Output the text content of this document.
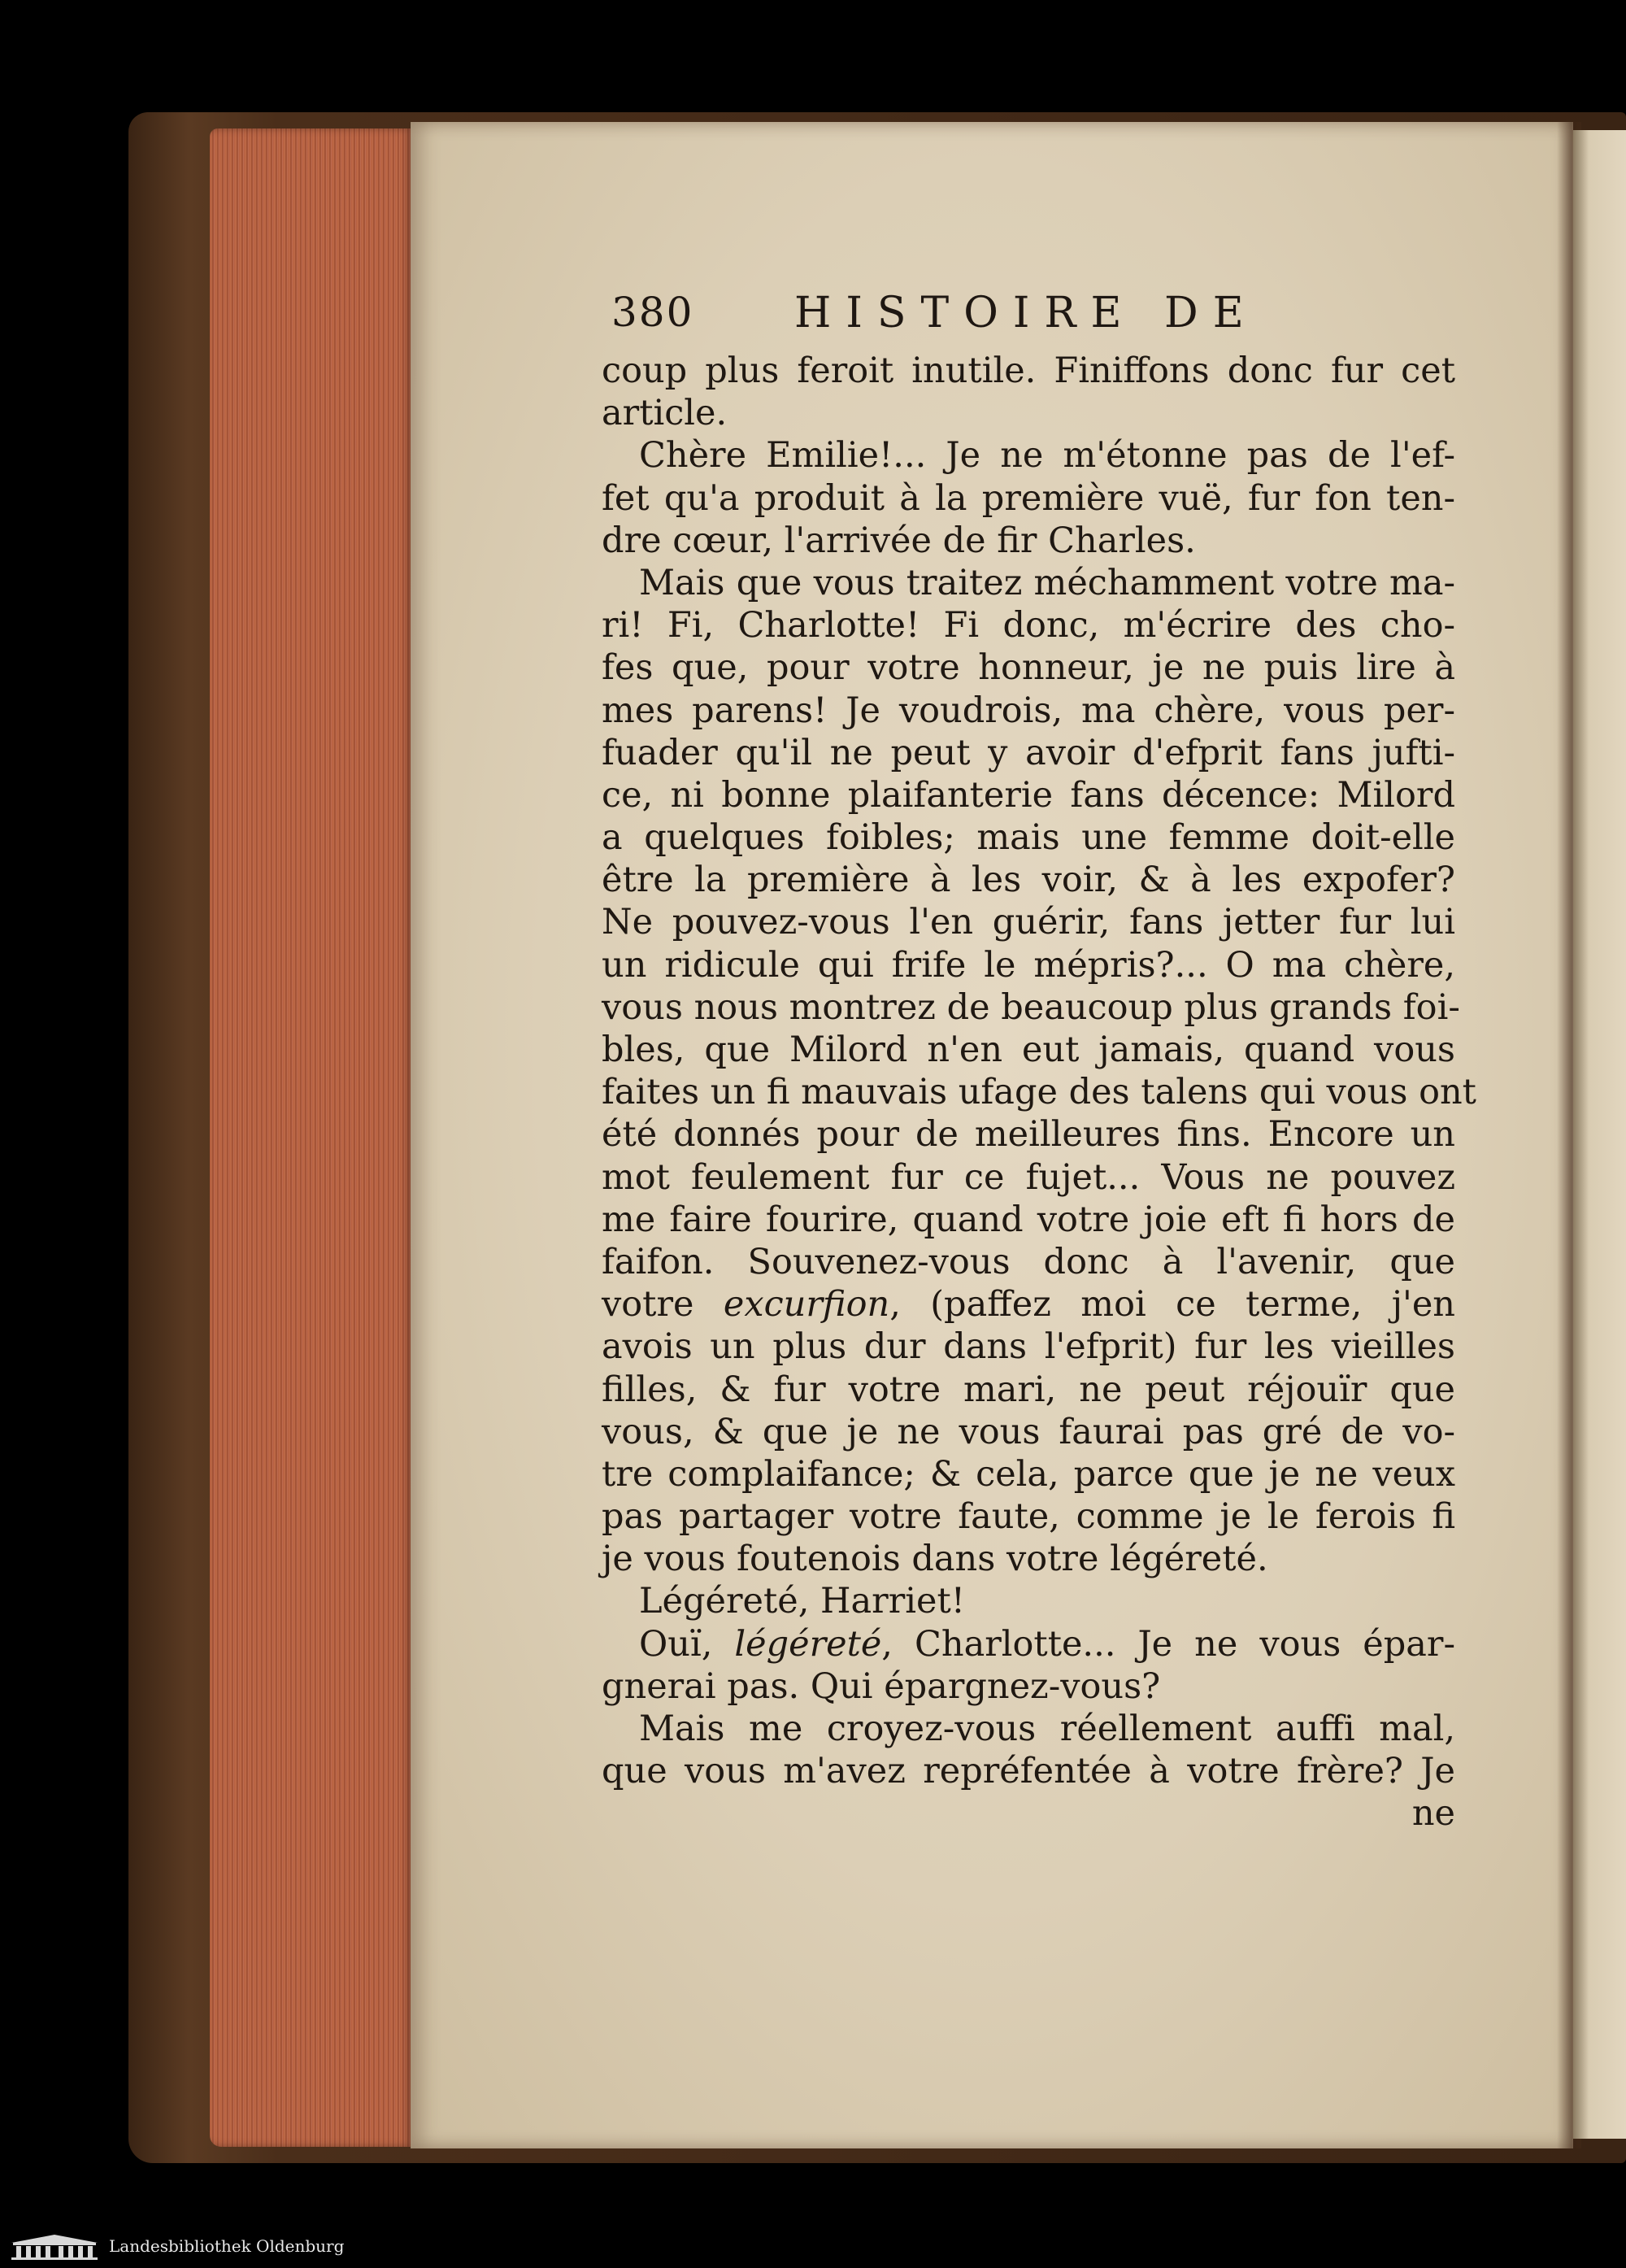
380 HISTOIRE DE
coup plus feroit inutile. Finiffons donc fur cet
article.
Chère Emilie!... Je ne m'étonne pas de l'ef-
fet qu'a produit à la première vuë, fur fon ten-
dre cœur, l'arrivée de fir Charles.
Mais que vous traitez méchamment votre ma-
ri! Fi, Charlotte! Fi donc, m'écrire des cho-
fes que, pour votre honneur, je ne puis lire à
mes parens! Je voudrois, ma chère, vous per-
fuader qu'il ne peut y avoir d'efprit fans jufti-
ce, ni bonne plaifanterie fans décence: Milord
a quelques foibles; mais une femme doit-elle
être la première à les voir, & à les expofer?
Ne pouvez-vous l'en guérir, fans jetter fur lui
un ridicule qui frife le mépris?... O ma chère,
vous nous montrez de beaucoup plus grands foi-
bles, que Milord n'en eut jamais, quand vous
faites un fi mauvais ufage des talens qui vous ont
été donnés pour de meilleures fins. Encore un
mot feulement fur ce fujet... Vous ne pouvez
me faire fourire, quand votre joie eft fi hors de
faifon. Souvenez-vous donc à l'avenir, que
votre excurfion, (paffez moi ce terme, j'en
avois un plus dur dans l'efprit) fur les vieilles
filles, & fur votre mari, ne peut réjouïr que
vous, & que je ne vous faurai pas gré de vo-
tre complaifance; & cela, parce que je ne veux
pas partager votre faute, comme je le ferois fi
je vous foutenois dans votre légéreté.
Légéreté, Harriet!
Ouï, légéreté, Charlotte... Je ne vous épar-
gnerai pas. Qui épargnez-vous?
Mais me croyez-vous réellement auffi mal,
que vous m'avez repréfentée à votre frère? Je
ne
Landesbibliothek Oldenburg
